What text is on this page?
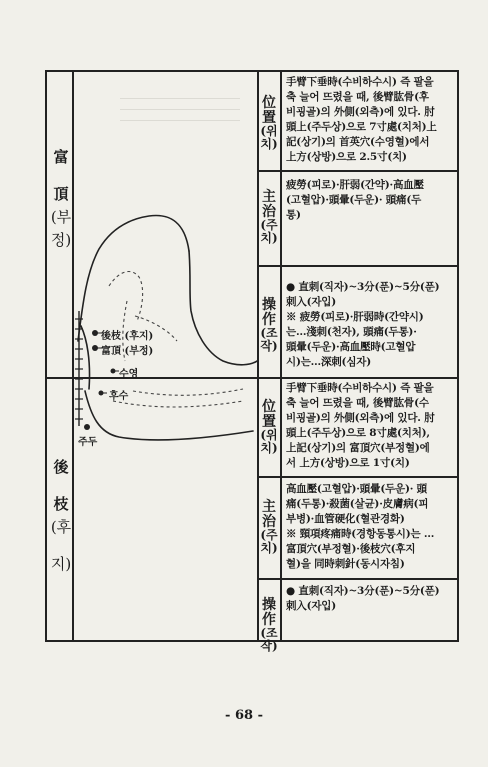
富
頂
(부
정)
後
枝
(후
지)
後枝 (후지)
富頂 (부정)
수영
후수
주두
位
置
(위
치)
主
治
(주
치)
操
作
(조
작)
位
置
(위
치)
主
治
(주
치)
操
作
(조
작)

手臂下垂時(수비하수시) 즉 팔을

축 늘어 뜨렸을 때, 後臂肱骨(후

비굉골)의 外側(외측)에 있다. 肘

頭上(주두상)으로 7寸處(치처)上

記(상기)의 首英穴(수영혈)에서

上方(상방)으로 2.5寸(치)

疲勞(피로)·肝弱(간약)·高血壓

(고혈압)·頭暈(두운)· 頭痛(두

통)

● 直刺(직자)~3分(푼)~5分(푼)

刺入(자입)

※ 疲勞(피로)·肝弱時(간약시)

는…淺刺(천자), 頭痛(두통)·

頭暈(두운)·高血壓時(고혈압

시)는…深刺(심자)

手臂下垂時(수비하수시) 즉 팔을

축 늘어 뜨렸을 때, 後臂肱骨(수

비굉골)의 外側(외측)에 있다. 肘

頭上(주두상)으로 8寸處(치처),

上記(상기)의 富頂穴(부정혈)에

서 上方(상방)으로 1寸(치)

高血壓(고혈압)·頭暈(두운)· 頭

痛(두통)·殺菌(살균)·皮膚病(피

부병)·血管硬化(혈관경화)

※ 頸項疼痛時(경항동통시)는 …

富頂穴(부정혈)·後枝穴(후지

혈)을 同時刺針(동시자침)

● 直刺(직자)~3分(푼)~5分(푼)

刺入(자입)

- 68 -
